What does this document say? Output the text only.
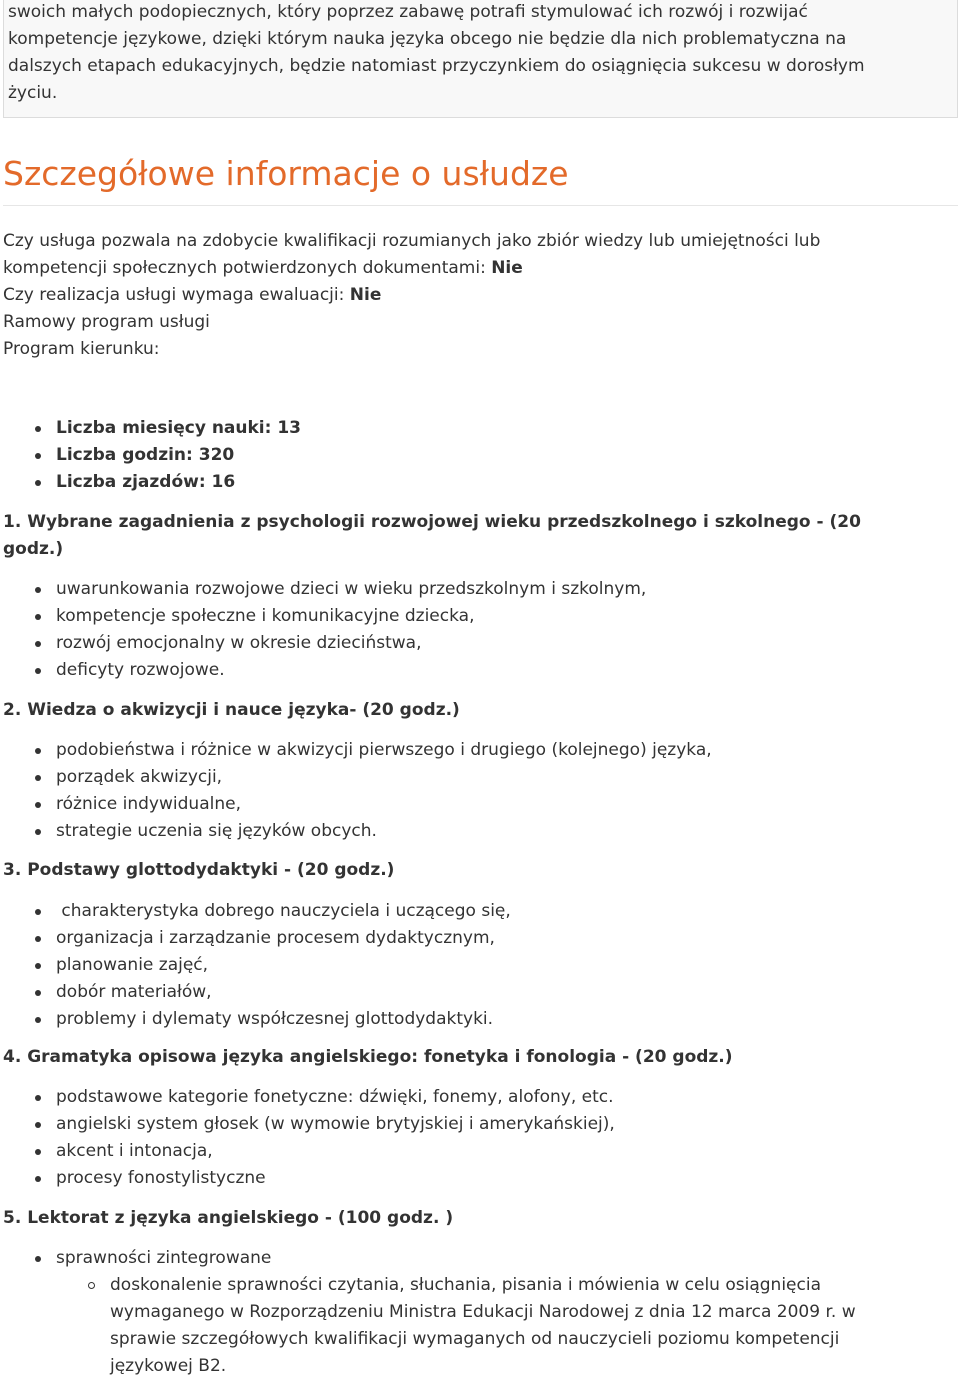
swoich małych podopiecznych, który poprzez zabawę potrafi stymulować ich rozwój i rozwijać
kompetencje językowe, dzięki którym nauka języka obcego nie będzie dla nich problematyczna na
dalszych etapach edukacyjnych, będzie natomiast przyczynkiem do osiągnięcia sukcesu w dorosłym
życiu.
Szczegółowe informacje o usłudze
Czy usługa pozwala na zdobycie kwalifikacji rozumianych jako zbiór wiedzy lub umiejętności lub
kompetencji społecznych potwierdzonych dokumentami: Nie
Czy realizacja usługi wymaga ewaluacji: Nie
Ramowy program usługi
Program kierunku:
Liczba miesięcy nauki: 13
Liczba godzin: 320
Liczba zjazdów: 16
1. Wybrane zagadnienia z psychologii rozwojowej wieku przedszkolnego i szkolnego - (20
godz.)
uwarunkowania rozwojowe dzieci w wieku przedszkolnym i szkolnym,
kompetencje społeczne i komunikacyjne dziecka,
rozwój emocjonalny w okresie dzieciństwa,
deficyty rozwojowe.
2. Wiedza o akwizycji i nauce języka- (20 godz.)
podobieństwa i różnice w akwizycji pierwszego i drugiego (kolejnego) języka,
porządek akwizycji,
różnice indywidualne,
strategie uczenia się języków obcych.
3. Podstawy glottodydaktyki - (20 godz.)
charakterystyka dobrego nauczyciela i uczącego się,
organizacja i zarządzanie procesem dydaktycznym,
planowanie zajęć,
dobór materiałów,
problemy i dylematy współczesnej glottodydaktyki.
4. Gramatyka opisowa języka angielskiego: fonetyka i fonologia - (20 godz.)
podstawowe kategorie fonetyczne: dźwięki, fonemy, alofony, etc.
angielski system głosek (w wymowie brytyjskiej i amerykańskiej),
akcent i intonacja,
procesy fonostylistyczne
5. Lektorat z języka angielskiego - (100 godz. )
sprawności zintegrowane
doskonalenie sprawności czytania, słuchania, pisania i mówienia w celu osiągnięcia
wymaganego w Rozporządzeniu Ministra Edukacji Narodowej z dnia 12 marca 2009 r. w
sprawie szczegółowych kwalifikacji wymaganych od nauczycieli poziomu kompetencji
językowej B2.
